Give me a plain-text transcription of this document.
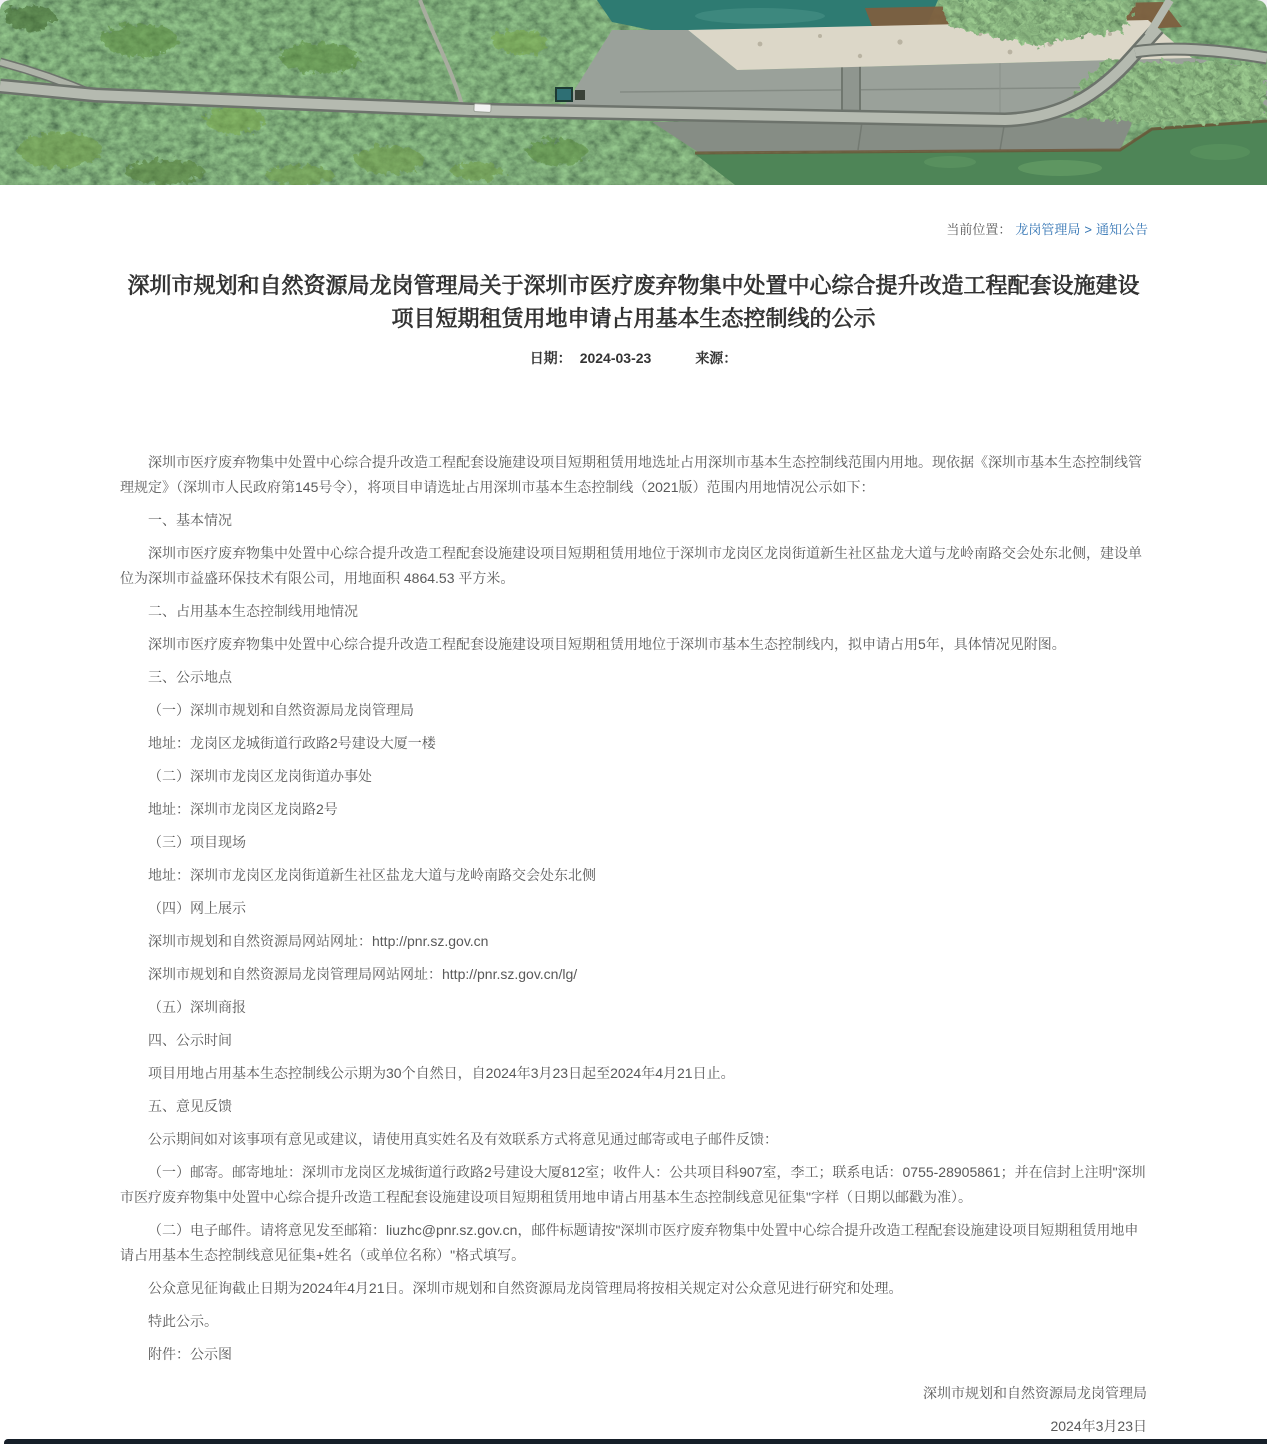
当前位置： 龙岗管理局 > 通知公告
深圳市规划和自然资源局龙岗管理局关于深圳市医疗废弃物集中处置中心综合提升改造工程配套设施建设项目短期租赁用地申请占用基本生态控制线的公示
日期： 2024-03-23	来源：

深圳市医疗废弃物集中处置中心综合提升改造工程配套设施建设项目短期租赁用地选址占用深圳市基本生态控制线范围内用地。现依据《深圳市基本生态控制线管理规定》（深圳市人民政府第145号令），将项目申请选址占用深圳市基本生态控制线（2021版）范围内用地情况公示如下：

一、基本情况

深圳市医疗废弃物集中处置中心综合提升改造工程配套设施建设项目短期租赁用地位于深圳市龙岗区龙岗街道新生社区盐龙大道与龙岭南路交会处东北侧，建设单位为深圳市益盛环保技术有限公司，用地面积 4864.53 平方米。

二、占用基本生态控制线用地情况

深圳市医疗废弃物集中处置中心综合提升改造工程配套设施建设项目短期租赁用地位于深圳市基本生态控制线内，拟申请占用5年，具体情况见附图。

三、公示地点

（一）深圳市规划和自然资源局龙岗管理局

地址：龙岗区龙城街道行政路2号建设大厦一楼

（二）深圳市龙岗区龙岗街道办事处

地址：深圳市龙岗区龙岗路2号

（三）项目现场

地址：深圳市龙岗区龙岗街道新生社区盐龙大道与龙岭南路交会处东北侧

（四）网上展示

深圳市规划和自然资源局网站网址：http://pnr.sz.gov.cn

深圳市规划和自然资源局龙岗管理局网站网址：http://pnr.sz.gov.cn/lg/

（五）深圳商报

四、公示时间

项目用地占用基本生态控制线公示期为30个自然日，自2024年3月23日起至2024年4月21日止。

五、意见反馈

公示期间如对该事项有意见或建议，请使用真实姓名及有效联系方式将意见通过邮寄或电子邮件反馈：

（一）邮寄。邮寄地址：深圳市龙岗区龙城街道行政路2号建设大厦812室；收件人：公共项目科907室，李工；联系电话：0755-28905861；并在信封上注明"深圳市医疗废弃物集中处置中心综合提升改造工程配套设施建设项目短期租赁用地申请占用基本生态控制线意见征集"字样（日期以邮戳为准）。

（二）电子邮件。请将意见发至邮箱：liuzhc@pnr.sz.gov.cn，邮件标题请按"深圳市医疗废弃物集中处置中心综合提升改造工程配套设施建设项目短期租赁用地申请占用基本生态控制线意见征集+姓名（或单位名称）"格式填写。

公众意见征询截止日期为2024年4月21日。深圳市规划和自然资源局龙岗管理局将按相关规定对公众意见进行研究和处理。

特此公示。

附件：公示图

深圳市规划和自然资源局龙岗管理局

2024年3月23日
